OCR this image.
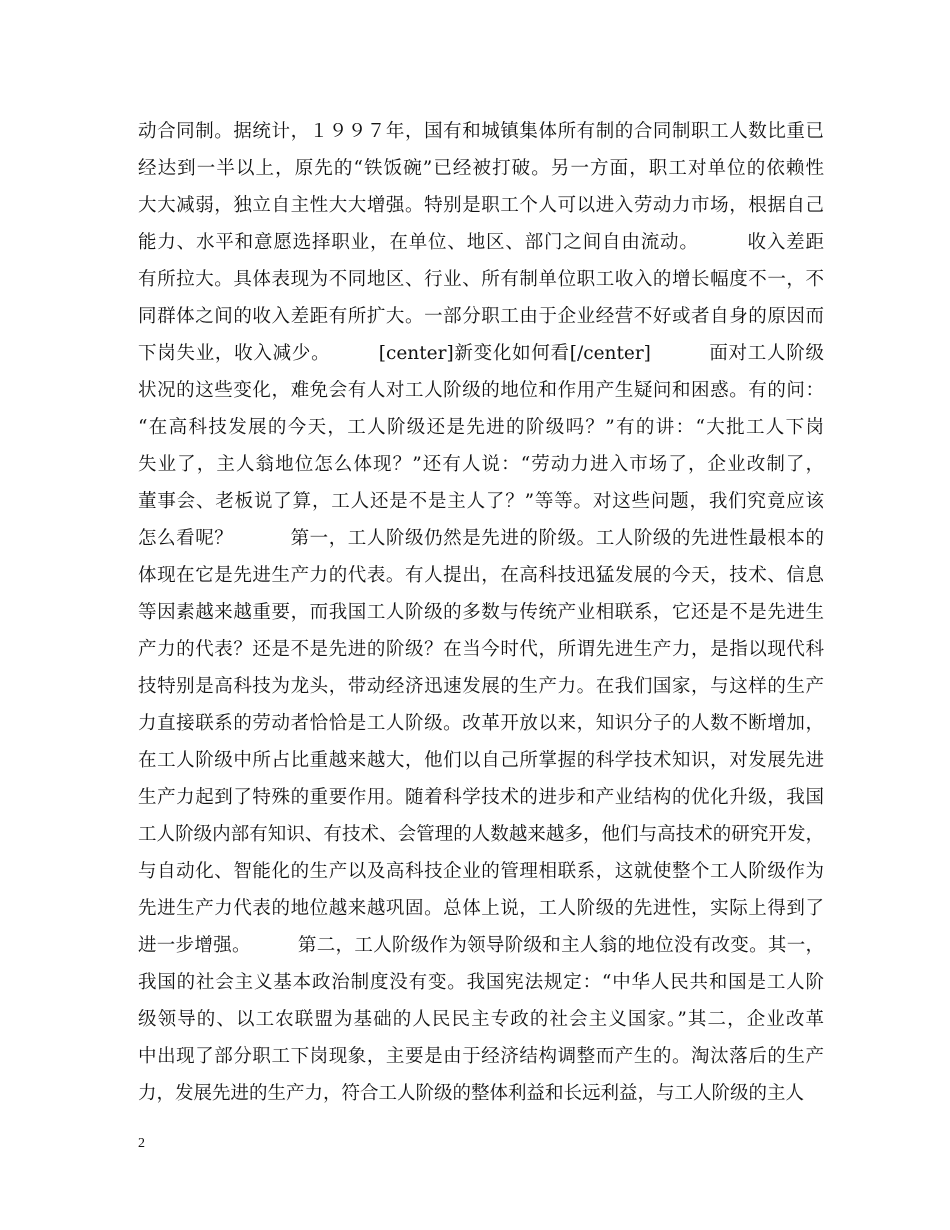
动合同制。据统计，１９９７年，国有和城镇集体所有制的合同制职工人数比重已
经达到一半以上，原先的“铁饭碗”已经被打破。另一方面，职工对单位的依赖性
大大减弱，独立自主性大大增强。特别是职工个人可以进入劳动力市场，根据自己
能力、水平和意愿选择职业，在单位、地区、部门之间自由流动。　　　收入差距
有所拉大。具体表现为不同地区、行业、所有制单位职工收入的增长幅度不一，不
同群体之间的收入差距有所扩大。一部分职工由于企业经营不好或者自身的原因而
下岗失业，收入减少。　　　[center]新变化如何看[/center]　　　面对工人阶级
状况的这些变化，难免会有人对工人阶级的地位和作用产生疑问和困惑。有的问：
“在高科技发展的今天，工人阶级还是先进的阶级吗？”有的讲：“大批工人下岗
失业了，主人翁地位怎么体现？”还有人说：“劳动力进入市场了，企业改制了，
董事会、老板说了算，工人还是不是主人了？”等等。对这些问题，我们究竟应该
怎么看呢？　　　第一，工人阶级仍然是先进的阶级。工人阶级的先进性最根本的
体现在它是先进生产力的代表。有人提出，在高科技迅猛发展的今天，技术、信息
等因素越来越重要，而我国工人阶级的多数与传统产业相联系，它还是不是先进生
产力的代表？还是不是先进的阶级？在当今时代，所谓先进生产力，是指以现代科
技特别是高科技为龙头，带动经济迅速发展的生产力。在我们国家，与这样的生产
力直接联系的劳动者恰恰是工人阶级。改革开放以来，知识分子的人数不断增加，
在工人阶级中所占比重越来越大，他们以自己所掌握的科学技术知识，对发展先进
生产力起到了特殊的重要作用。随着科学技术的进步和产业结构的优化升级，我国
工人阶级内部有知识、有技术、会管理的人数越来越多，他们与高技术的研究开发，
与自动化、智能化的生产以及高科技企业的管理相联系，这就使整个工人阶级作为
先进生产力代表的地位越来越巩固。总体上说，工人阶级的先进性，实际上得到了
进一步增强。　　　第二，工人阶级作为领导阶级和主人翁的地位没有改变。其一，
我国的社会主义基本政治制度没有变。我国宪法规定：“中华人民共和国是工人阶
级领导的、以工农联盟为基础的人民民主专政的社会主义国家。”其二，企业改革
中出现了部分职工下岗现象，主要是由于经济结构调整而产生的。淘汰落后的生产
力，发展先进的生产力，符合工人阶级的整体利益和长远利益，与工人阶级的主人
2
